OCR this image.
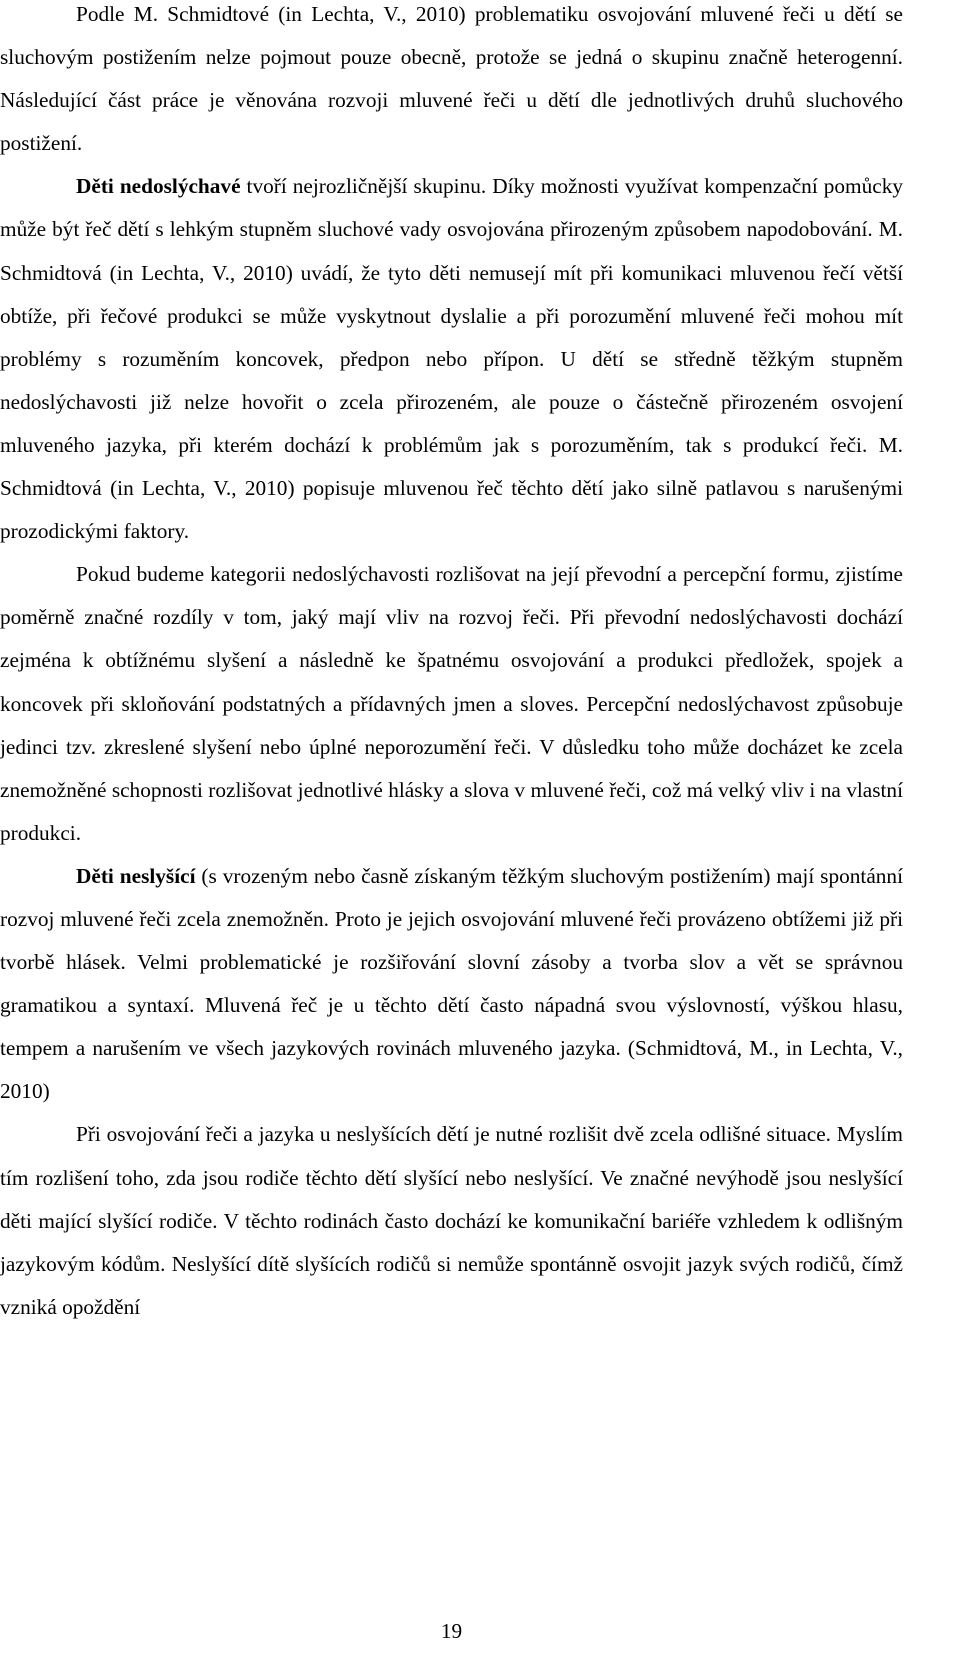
Podle M. Schmidtové (in Lechta, V., 2010) problematiku osvojování mluvené řeči u dětí se sluchovým postižením nelze pojmout pouze obecně, protože se jedná o skupinu značně heterogenní. Následující část práce je věnována rozvoji mluvené řeči u dětí dle jednotlivých druhů sluchového postižení.

Děti nedoslýchavé tvoří nejrozličnější skupinu. Díky možnosti využívat kompenzační pomůcky může být řeč dětí s lehkým stupněm sluchové vady osvojována přirozeným způsobem napodobování. M. Schmidtová (in Lechta, V., 2010) uvádí, že tyto děti nemusejí mít při komunikaci mluvenou řečí větší obtíže, při řečové produkci se může vyskytnout dyslalie a při porozumění mluvené řeči mohou mít problémy s rozuměním koncovek, předpon nebo přípon. U dětí se středně těžkým stupněm nedoslýchavosti již nelze hovořit o zcela přirozeném, ale pouze o částečně přirozeném osvojení mluveného jazyka, při kterém dochází k problémům jak s porozuměním, tak s produkcí řeči. M. Schmidtová (in Lechta, V., 2010) popisuje mluvenou řeč těchto dětí jako silně patlavou s narušenými prozodickými faktory.

Pokud budeme kategorii nedoslýchavosti rozlišovat na její převodní a percepční formu, zjistíme poměrně značné rozdíly v tom, jaký mají vliv na rozvoj řeči. Při převodní nedoslýchavosti dochází zejména k obtížnému slyšení a následně ke špatnému osvojování a produkci předložek, spojek a koncovek při skloňování podstatných a přídavných jmen a sloves. Percepční nedoslýchavost způsobuje jedinci tzv. zkreslené slyšení nebo úplné neporozumění řeči. V důsledku toho může docházet ke zcela znemožněné schopnosti rozlišovat jednotlivé hlásky a slova v mluvené řeči, což má velký vliv i na vlastní produkci.

Děti neslyšící (s vrozeným nebo časně získaným těžkým sluchovým postižením) mají spontánní rozvoj mluvené řeči zcela znemožněn. Proto je jejich osvojování mluvené řeči provázeno obtížemi již při tvorbě hlásek. Velmi problematické je rozšiřování slovní zásoby a tvorba slov a vět se správnou gramatikou a syntaxí. Mluvená řeč je u těchto dětí často nápadná svou výslovností, výškou hlasu, tempem a narušením ve všech jazykových rovinách mluveného jazyka. (Schmidtová, M., in Lechta, V., 2010)

Při osvojování řeči a jazyka u neslyšících dětí je nutné rozlišit dvě zcela odlišné situace. Myslím tím rozlišení toho, zda jsou rodiče těchto dětí slyšící nebo neslyšící. Ve značné nevýhodě jsou neslyšící děti mající slyšící rodiče. V těchto rodinách často dochází ke komunikační bariéře vzhledem k odlišným jazykovým kódům. Neslyšící dítě slyšících rodičů si nemůže spontánně osvojit jazyk svých rodičů, čímž vzniká opoždění

19
